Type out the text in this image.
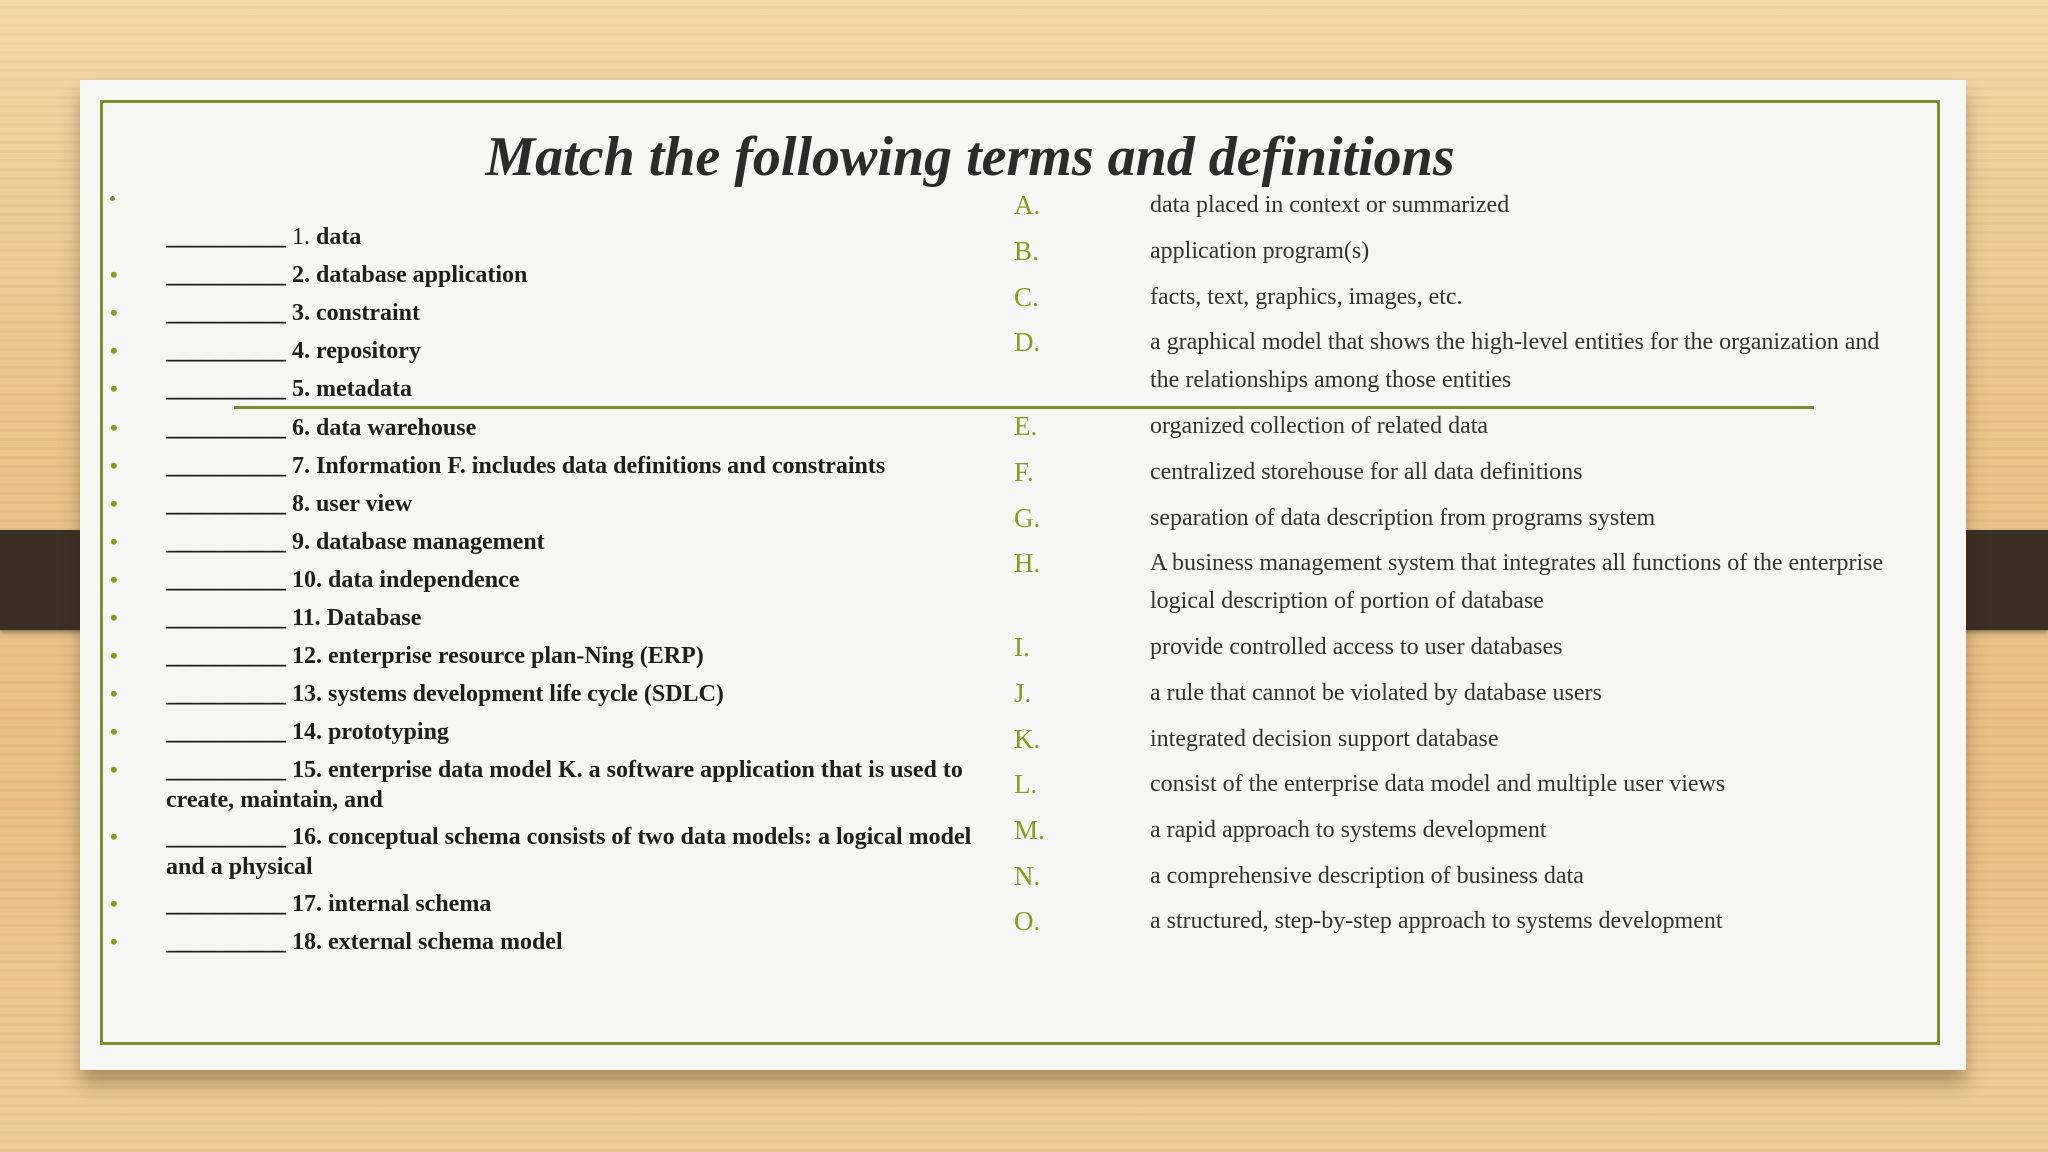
Match the following terms and definitions
__________ 1. data
• __________ 2. database application
• __________ 3. constraint
• __________ 4. repository
• __________ 5. metadata
• __________ 6. data warehouse
• __________ 7. Information F. includes data definitions and constraints
• __________ 8. user view
• __________ 9. database management
• __________ 10. data independence
• __________ 11. Database
• __________ 12. enterprise resource plan-Ning (ERP)
• __________ 13. systems development life cycle (SDLC)
• __________ 14. prototyping
• __________ 15. enterprise data model K. a software application that is used to create, maintain, and
• __________ 16. conceptual schema consists of two data models: a logical model and a physical
• __________ 17. internal schema
• __________ 18. external schema model
A.	data placed in context or summarized
B.	application program(s)
C.	facts, text, graphics, images, etc.
D.	a graphical model that shows the high-level entities for the organization and the relationships among those entities
E.	organized collection of related data
F.	centralized storehouse for all data definitions
G.	separation of data description from programs system
H.	A business management system that integrates all functions of the enterprise logical description of portion of database
I.	provide controlled access to user databases
J.	a rule that cannot be violated by database users
K.	integrated decision support database
L.	consist of the enterprise data model and multiple user views
M.	a rapid approach to systems development
N.	a comprehensive description of business data
O.	a structured, step-by-step approach to systems development
